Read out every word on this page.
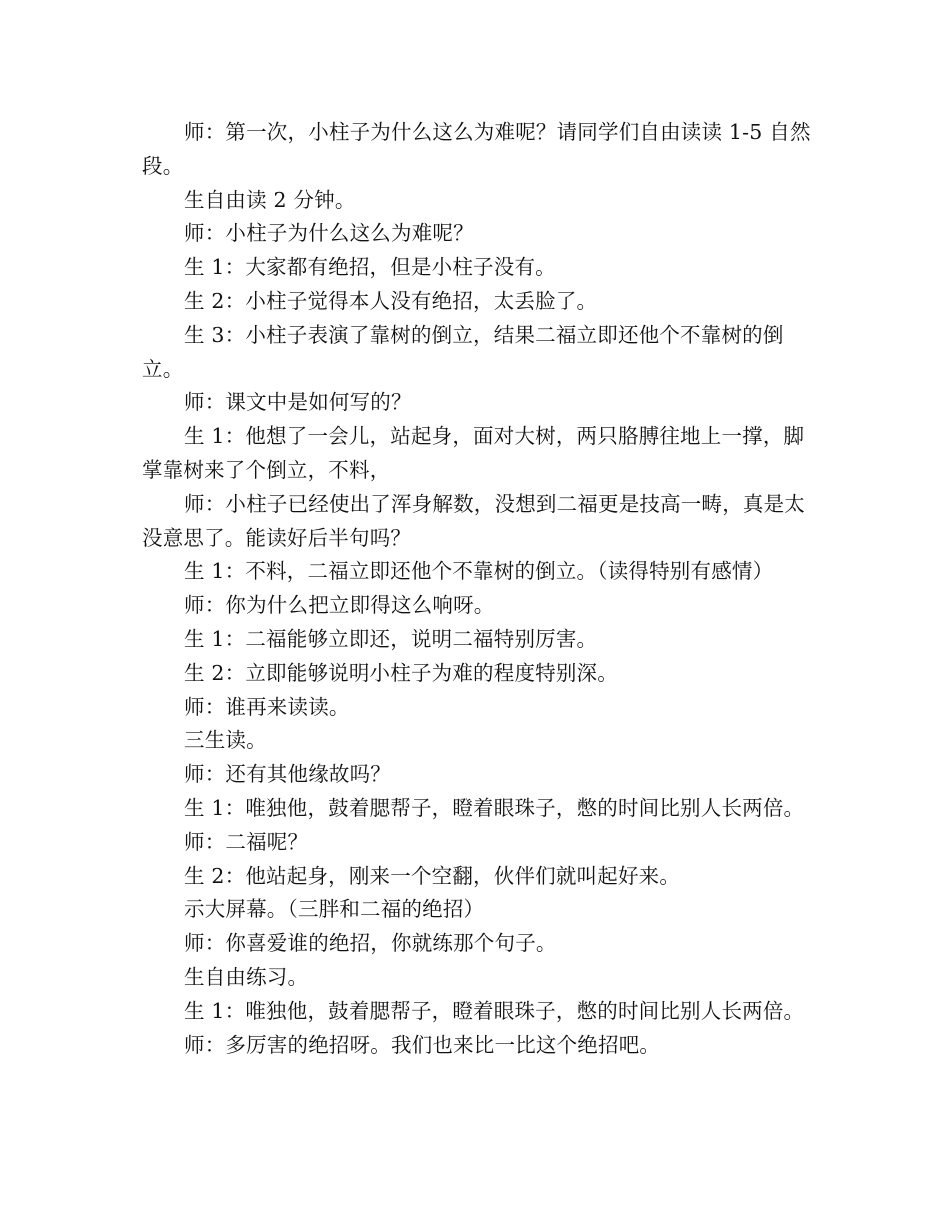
师：第一次，小柱子为什么这么为难呢？请同学们自由读读 1-5 自然段。

生自由读 2 分钟。

师：小柱子为什么这么为难呢？

生 1：大家都有绝招，但是小柱子没有。

生 2：小柱子觉得本人没有绝招，太丢脸了。

生 3：小柱子表演了靠树的倒立，结果二福立即还他个不靠树的倒立。

师：课文中是如何写的？

生 1：他想了一会儿，站起身，面对大树，两只胳膊往地上一撑，脚掌靠树来了个倒立，不料，

师：小柱子已经使出了浑身解数，没想到二福更是技高一畴，真是太没意思了。能读好后半句吗？

生 1：不料，二福立即还他个不靠树的倒立。（读得特别有感情）

师：你为什么把立即得这么响呀。

生 1：二福能够立即还，说明二福特别厉害。

生 2：立即能够说明小柱子为难的程度特别深。

师：谁再来读读。

三生读。

师：还有其他缘故吗？

生 1：唯独他，鼓着腮帮子，瞪着眼珠子，憋的时间比别人长两倍。

师：二福呢？

生 2：他站起身，刚来一个空翻，伙伴们就叫起好来。

示大屏幕。（三胖和二福的绝招）

师：你喜爱谁的绝招，你就练那个句子。

生自由练习。

生 1：唯独他，鼓着腮帮子，瞪着眼珠子，憋的时间比别人长两倍。

师：多厉害的绝招呀。我们也来比一比这个绝招吧。
